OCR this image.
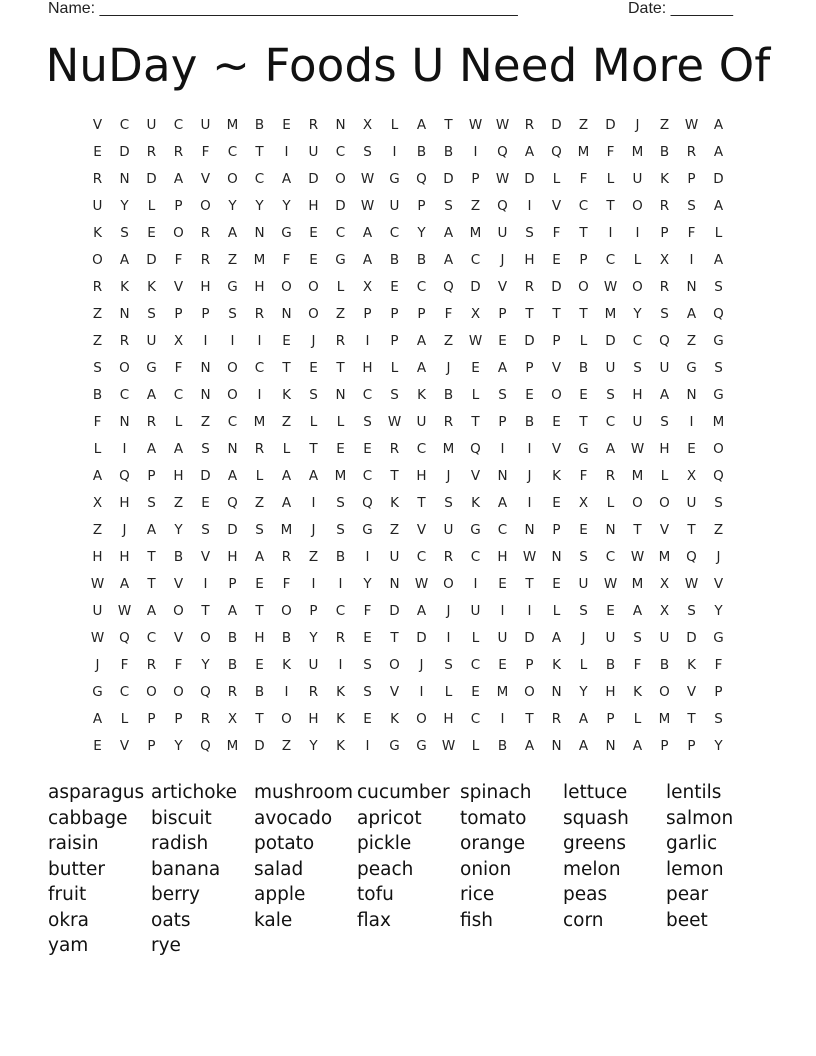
Name: _______________________________________________	Date: _______
NuDay ~ Foods U Need More Of
V	C	U	C	U	M	B	E	R	N	X	L	A	T	W	W	R	D	Z	D	J	Z	W	A
E	D	R	R	F	C	T	I	U	C	S	I	B	B	I	Q	A	Q	M	F	M	B	R	A
R	N	D	A	V	O	C	A	D	O	W	G	Q	D	P	W	D	L	F	L	U	K	P	D
U	Y	L	P	O	Y	Y	Y	H	D	W	U	P	S	Z	Q	I	V	C	T	O	R	S	A
K	S	E	O	R	A	N	G	E	C	A	C	Y	A	M	U	S	F	T	I	I	P	F	L
O	A	D	F	R	Z	M	F	E	G	A	B	B	A	C	J	H	E	P	C	L	X	I	A
R	K	K	V	H	G	H	O	O	L	X	E	C	Q	D	V	R	D	O	W	O	R	N	S
Z	N	S	P	P	S	R	N	O	Z	P	P	P	F	X	P	T	T	T	M	Y	S	A	Q
Z	R	U	X	I	I	I	E	J	R	I	P	A	Z	W	E	D	P	L	D	C	Q	Z	G
S	O	G	F	N	O	C	T	E	T	H	L	A	J	E	A	P	V	B	U	S	U	G	S
B	C	A	C	N	O	I	K	S	N	C	S	K	B	L	S	E	O	E	S	H	A	N	G
F	N	R	L	Z	C	M	Z	L	L	S	W	U	R	T	P	B	E	T	C	U	S	I	M
L	I	A	A	S	N	R	L	T	E	E	R	C	M	Q	I	I	V	G	A	W	H	E	O
A	Q	P	H	D	A	L	A	A	M	C	T	H	J	V	N	J	K	F	R	M	L	X	Q
X	H	S	Z	E	Q	Z	A	I	S	Q	K	T	S	K	A	I	E	X	L	O	O	U	S
Z	J	A	Y	S	D	S	M	J	S	G	Z	V	U	G	C	N	P	E	N	T	V	T	Z
H	H	T	B	V	H	A	R	Z	B	I	U	C	R	C	H	W	N	S	C	W	M	Q	J
W	A	T	V	I	P	E	F	I	I	Y	N	W	O	I	E	T	E	U	W	M	X	W	V
U	W	A	O	T	A	T	O	P	C	F	D	A	J	U	I	I	L	S	E	A	X	S	Y
W	Q	C	V	O	B	H	B	Y	R	E	T	D	I	L	U	D	A	J	U	S	U	D	G
J	F	R	F	Y	B	E	K	U	I	S	O	J	S	C	E	P	K	L	B	F	B	K	F
G	C	O	O	Q	R	B	I	R	K	S	V	I	L	E	M	O	N	Y	H	K	O	V	P
A	L	P	P	R	X	T	O	H	K	E	K	O	H	C	I	T	R	A	P	L	M	T	S
E	V	P	Y	Q	M	D	Z	Y	K	I	G	G	W	L	B	A	N	A	N	A	P	P	Y
asparagus artichoke mushroom cucumber spinach lettuce lentils
cabbage biscuit avocado apricot tomato squash salmon
raisin	radish potato pickle	orange greens garlic
butter banana salad	peach	onion	melon lemon
fruit	berry	apple	tofu	rice	peas	pear
okra	oats	kale	flax	fish	corn	beet
yam	rye
